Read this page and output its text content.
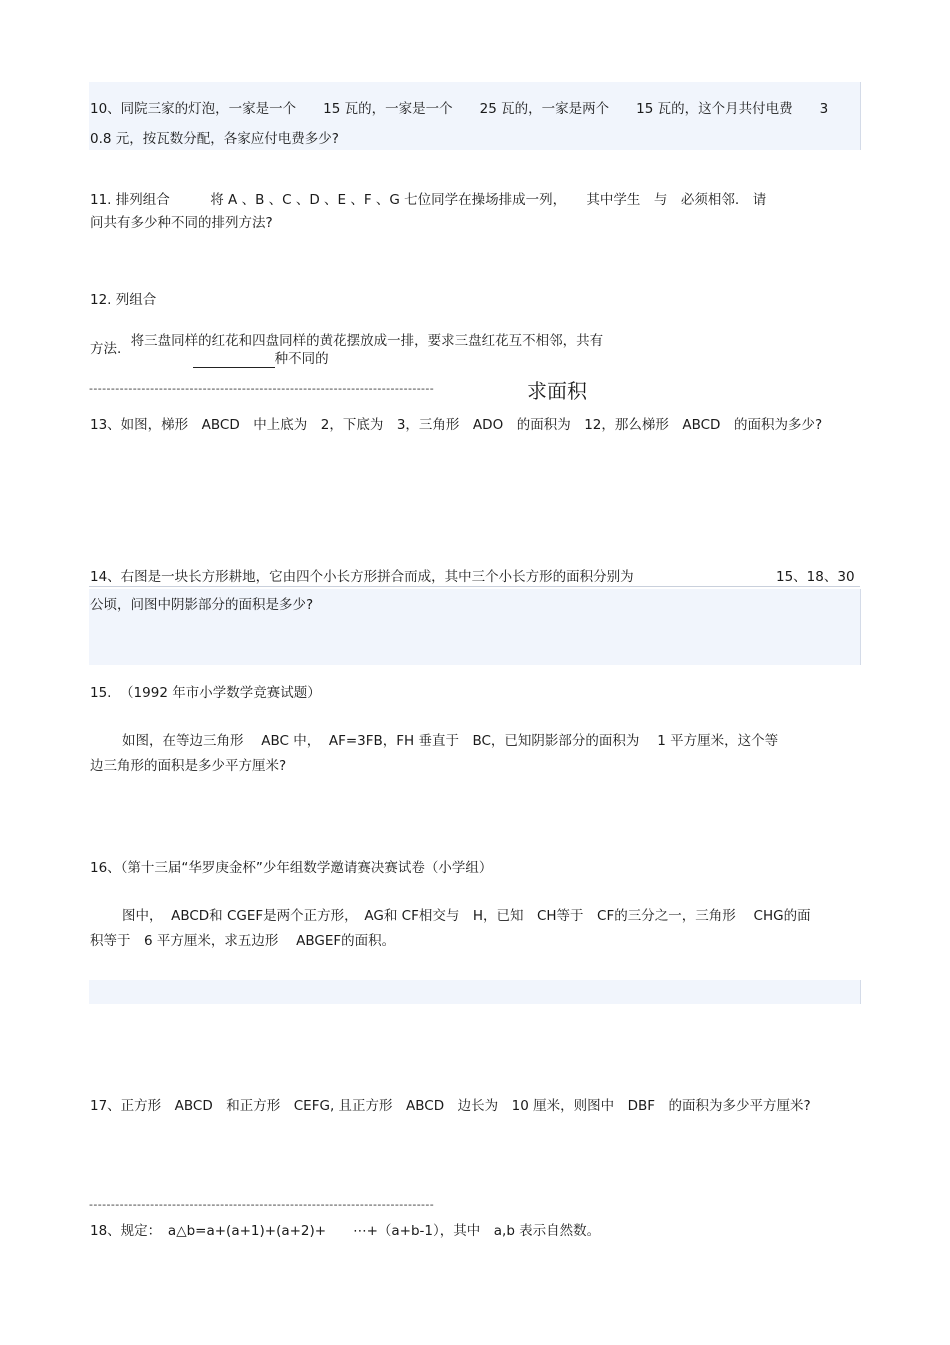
10、同院三家的灯泡，一家是一个　　15 瓦的，一家是一个　　25 瓦的，一家是两个　　15 瓦的，这个月共付电费　　3
0.8 元，按瓦数分配，各家应付电费多少?
11. 排列组合　　　将 A 、B 、C 、D 、E 、F 、G 七位同学在操场排成一列，　　其中学生　与　必须相邻.　请
问共有多少种不同的排列方法?
12. 列组合

将三盘同样的红花和四盘同样的黄花摆放成一排，要求三盘红花互不相邻，共有
种不同的

方法.
-------------------------------------------------------------------------------	求面积
13、如图，梯形　ABCD　中上底为　2，下底为　3，三角形　ADO　的面积为　12，那么梯形　ABCD　的面积为多少?
14、右图是一块长方形耕地，它由四个小长方形拼合而成，其中三个小长方形的面积分别为	15、18、30
公顷，问图中阴影部分的面积是多少?
15.  （1992 年市小学数学竞赛试题）
如图，在等边三角形　 ABC 中，  AF=3FB，FH 垂直于　BC，已知阴影部分的面积为　 1 平方厘米，这个等
边三角形的面积是多少平方厘米?
16、（第十三届“华罗庚金杯”少年组数学邀请赛决赛试卷（小学组）
图中，  ABCD和 CGEF是两个正方形，　AG和 CF相交与　H，已知　CH等于　CF的三分之一，三角形　 CHG的面
积等于　6 平方厘米，求五边形　 ABGEF的面积。
17、正方形　ABCD　和正方形　CEFG, 且正方形　ABCD　边长为　10 厘米，则图中　DBF　的面积为多少平方厘米?
-------------------------------------------------------------------------------
18、规定：　a△b=a+(a+1)+(a+2)+　　⋯+（a+b-1），其中　a,b 表示自然数。
